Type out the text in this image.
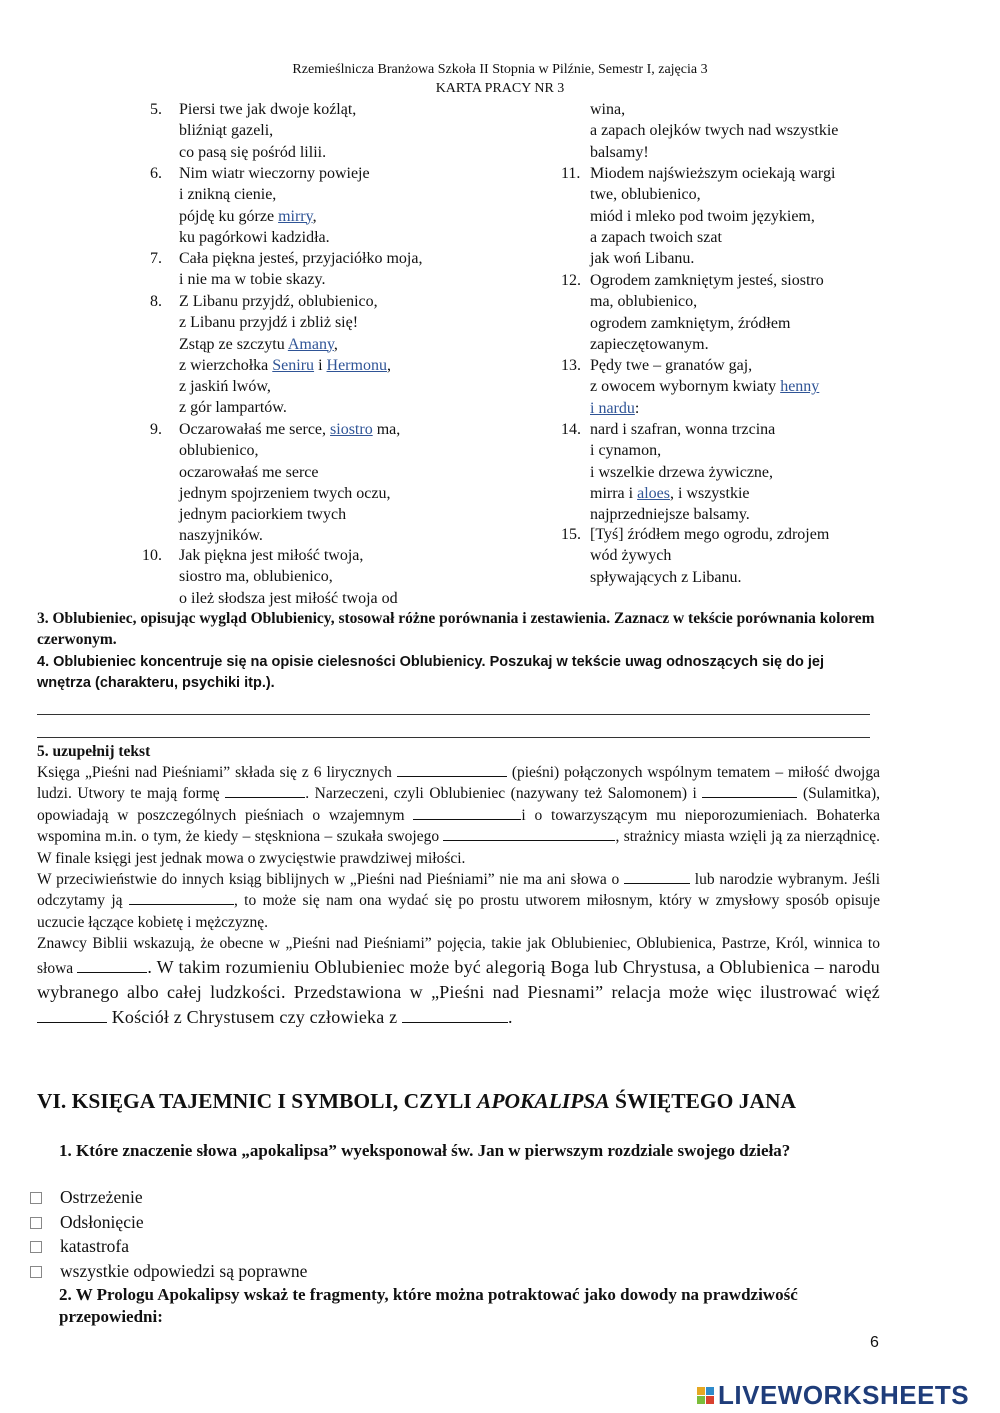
Rzemieślnicza Branżowa Szkoła II Stopnia w Pilźnie, Semestr I, zajęcia 3
KARTA PRACY NR 3
5. Piersi twe jak dwoje koźląt,
bliźniąt gazeli,
co pasą się pośród lilii.
6. Nim wiatr wieczorny powieje
i znikną cienie,
pójdę ku górze mirry,
ku pagórkowi kadzidła.
7. Cała piękna jesteś, przyjaciółko moja,
i nie ma w tobie skazy.
8. Z Libanu przyjdź, oblubienico,
z Libanu przyjdź i zbliż się!
Zstąp ze szczytu Amany,
z wierzchołka Seniru i Hermonu,
z jaskiń lwów,
z gór lampartów.
9. Oczarowałaś me serce, siostro ma,
oblubienico,
oczarowałaś me serce
jednym spojrzeniem twych oczu,
jednym paciorkiem twych
naszyjników.
10. Jak piękna jest miłość twoja,
siostro ma, oblubienico,
o ileż słodsza jest miłość twoja od
wina,
a zapach olejków twych nad wszystkie
balsamy!
11. Miodem najświeższym ociekają wargi
twe, oblubienico,
miód i mleko pod twoim językiem,
a zapach twoich szat
jak woń Libanu.
12. Ogrodem zamkniętym jesteś, siostro
ma, oblubienico,
ogrodem zamkniętym, źródłem
zapieczętowanym.
13. Pędy twe – granatów gaj,
z owocem wybornym kwiaty henny
i nardu:
14. nard i szafran, wonna trzcina
i cynamon,
i wszelkie drzewa żywiczne,
mirra i aloes, i wszystkie
najprzedniejsze balsamy.
15. [Tyś] źródłem mego ogrodu, zdrojem
wód żywych
spływających z Libanu.
3. Oblubieniec, opisując wygląd Oblubienicy, stosował różne porównania i zestawienia. Zaznacz w tekście porównania kolorem czerwonym.
4. Oblubieniec koncentruje się na opisie cielesności Oblubienicy. Poszukaj w tekście uwag odnoszących się do jej wnętrza (charakteru, psychiki itp.).
5. uzupełnij tekst

Księga „Pieśni nad Pieśniami” składa się z 6 lirycznych	(pieśni) połączonych wspólnym tematem – miłość dwojga ludzi. Utwory te mają formę	. Narzeczeni, czyli Oblubieniec (nazywany też Salomonem) i	(Sulamitka), opowiadają w poszczególnych pieśniach o wzajemnym	i o towarzyszącym mu nieporozumieniach. Bohaterka wspomina m.in. o tym, że kiedy – stęskniona – szukała swojego	, strażnicy miasta wzięli ją za nierządnicę. W finale księgi jest jednak mowa o zwycięstwie prawdziwej miłości.

W przeciwieństwie do innych ksiąg biblijnych w „Pieśni nad Pieśniami” nie ma ani słowa o	lub narodzie wybranym. Jeśli odczytamy ją	, to może się nam ona wydać się po prostu utworem miłosnym, który w zmysłowy sposób opisuje uczucie łączące kobietę i mężczyznę.

Znawcy Biblii wskazują, że obecne w „Pieśni nad Pieśniami” pojęcia, takie jak Oblubieniec, Oblubienica, Pastrze, Król, winnica to słowa	. W takim rozumieniu Oblubieniec może być alegorią Boga lub Chrystusa, a Oblubienica – narodu wybranego albo całej ludzkości. Przedstawiona w „Pieśni nad Piesnami” relacja może więc ilustrować więź  Kościół z Chrystusem czy człowieka z	.

VI. KSIĘGA TAJEMNIC I SYMBOLI, CZYLI APOKALIPSA ŚWIĘTEGO JANA
1. Które znaczenie słowa „apokalipsa” wyeksponował św. Jan w pierwszym rozdziale swojego dzieła?
Ostrzeżenie
Odsłonięcie
katastrofa
wszystkie odpowiedzi są poprawne
2. W Prologu Apokalipsy wskaż te fragmenty, które można potraktować jako dowody na prawdziwość przepowiedni:
6
LIVEWORKSHEETS
